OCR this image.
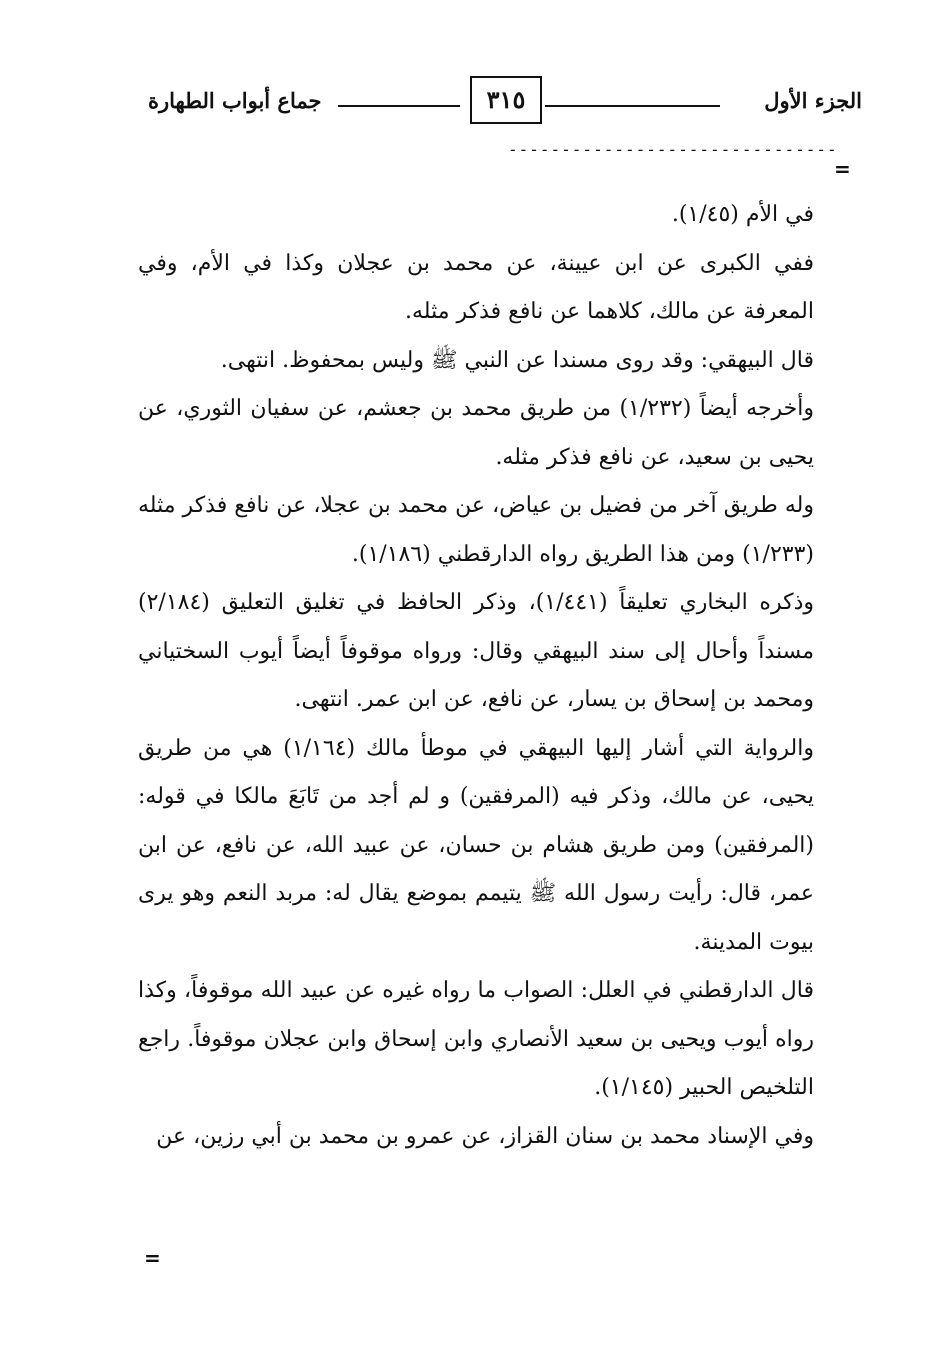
الجزء الأول
٣١٥
جماع أبواب الطهارة
-------------------------------
=

في الأم (١/٤٥).

ففي الكبرى عن ابن عيينة، عن محمد بن عجلان وكذا في الأم، وفي المعرفة عن مالك، كلاهما عن نافع فذكر مثله.

قال البيهقي: وقد روى مسندا عن النبي ﷺ وليس بمحفوظ. انتهى.

وأخرجه أيضاً (١/٢٣٢) من طريق محمد بن جعشم، عن سفيان الثوري، عن يحيى بن سعيد، عن نافع فذكر مثله.

وله طريق آخر من فضيل بن عياض، عن محمد بن عجلا، عن نافع فذكر مثله (١/٢٣٣) ومن هذا الطريق رواه الدارقطني (١/١٨٦).

وذكره البخاري تعليقاً (١/٤٤١)، وذكر الحافظ في تغليق التعليق (٢/١٨٤) مسنداً وأحال إلى سند البيهقي وقال: ورواه موقوفاً أيضاً أيوب السختياني ومحمد بن إسحاق بن يسار، عن نافع، عن ابن عمر. انتهى.

والرواية التي أشار إليها البيهقي في موطأ مالك (١/١٦٤) هي من طريق يحيى، عن مالك، وذكر فيه (المرفقين) و لم أجد من تَابَعَ مالكا في قوله: (المرفقين) ومن طريق هشام بن حسان، عن عبيد الله، عن نافع، عن ابن عمر، قال: رأيت رسول الله ﷺ يتيمم بموضع يقال له: مربد النعم وهو يرى بيوت المدينة.

قال الدارقطني في العلل: الصواب ما رواه غيره عن عبيد الله موقوفاً، وكذا رواه أيوب ويحيى بن سعيد الأنصاري وابن إسحاق وابن عجلان موقوفاً. راجع التلخيص الحبير (١/١٤٥).

وفي الإسناد محمد بن سنان القزاز، عن عمرو بن محمد بن أبي رزين، عن

=
